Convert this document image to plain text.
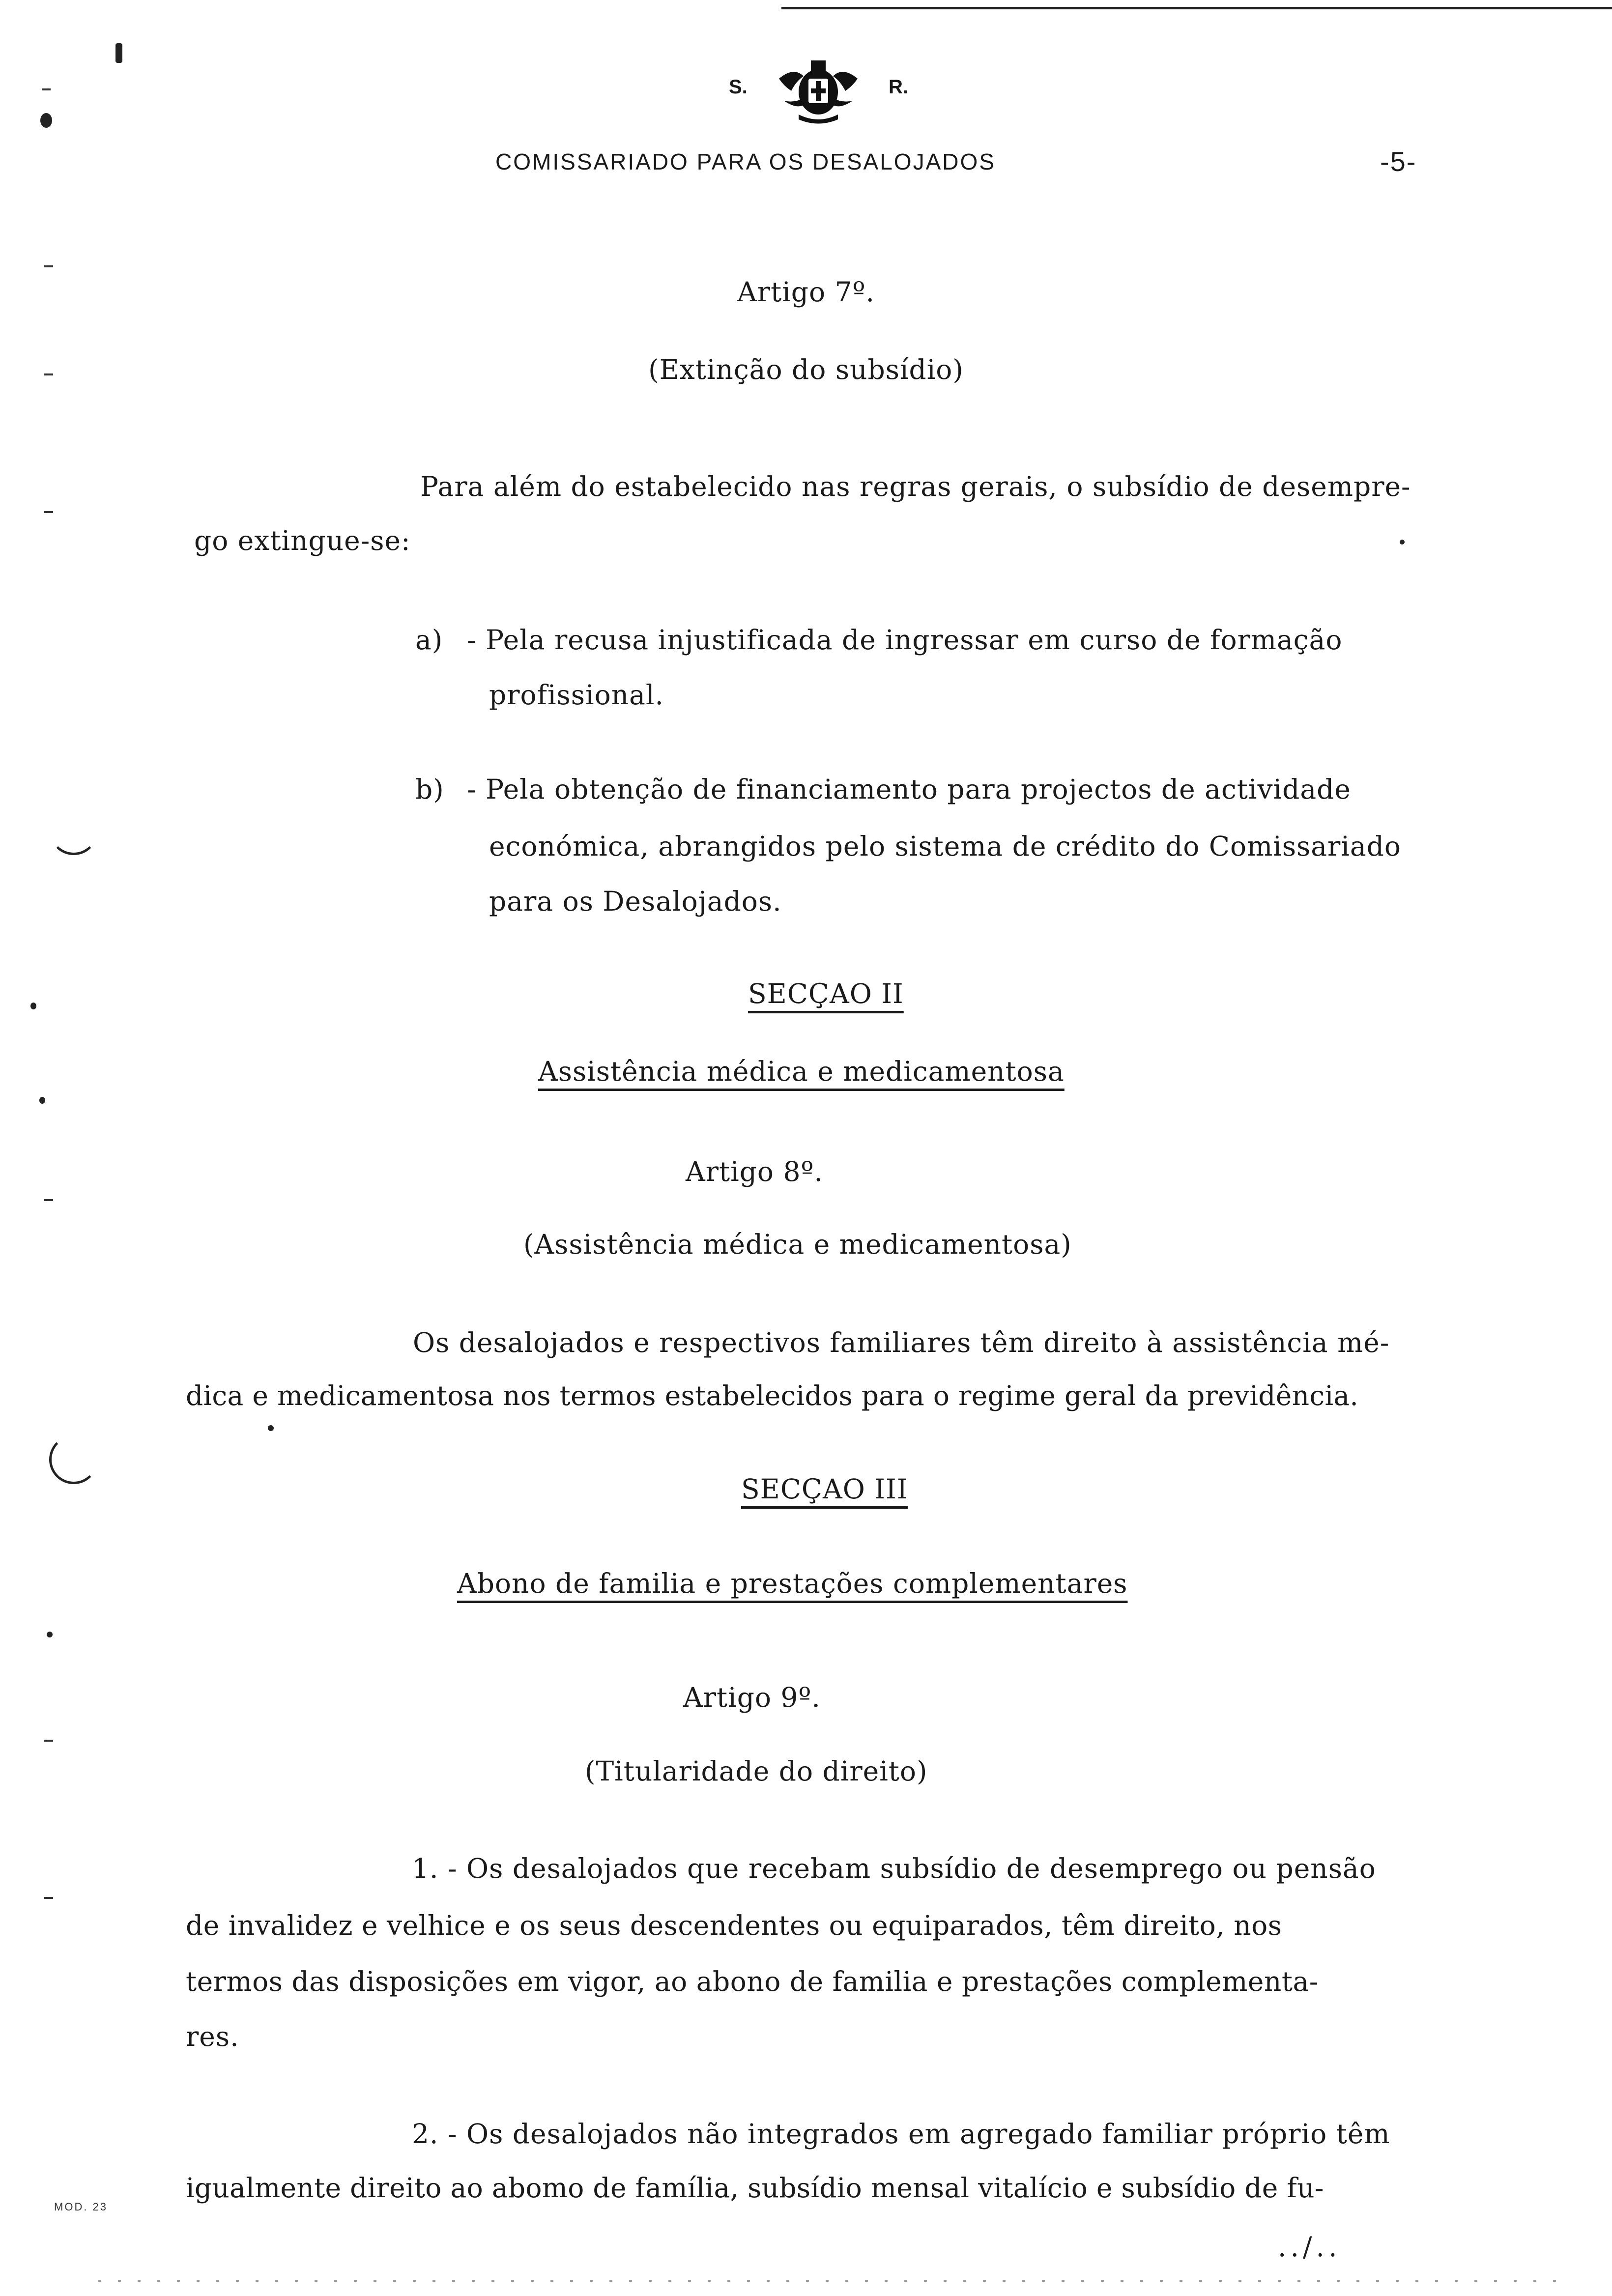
S.	R.
COMISSARIADO PARA OS DESALOJADOS	-5-
Artigo 7º.
(Extinção do subsídio)
Para além do estabelecido nas regras gerais, o subsídio de desempre-
go extingue-se:
a) - Pela recusa injustificada de ingressar em curso de formação
profissional.
b) - Pela obtenção de financiamento para projectos de actividade
económica, abrangidos pelo sistema de crédito do Comissariado
para os Desalojados.
SECÇAO II
Assistência médica e medicamentosa
Artigo 8º.
(Assistência médica e medicamentosa)
Os desalojados e respectivos familiares têm direito à assistência mé-
dica e medicamentosa nos termos estabelecidos para o regime geral da previdência.
SECÇAO III
Abono de familia e prestações complementares
Artigo 9º.
(Titularidade do direito)
1. - Os desalojados que recebam subsídio de desemprego ou pensão
de invalidez e velhice e os seus descendentes ou equiparados, têm direito, nos
termos das disposições em vigor, ao abono de familia e prestações complementa-
res.
2. - Os desalojados não integrados em agregado familiar próprio têm
igualmente direito ao abomo de família, subsídio mensal vitalício e subsídio de fu-
MOD. 23
../..
